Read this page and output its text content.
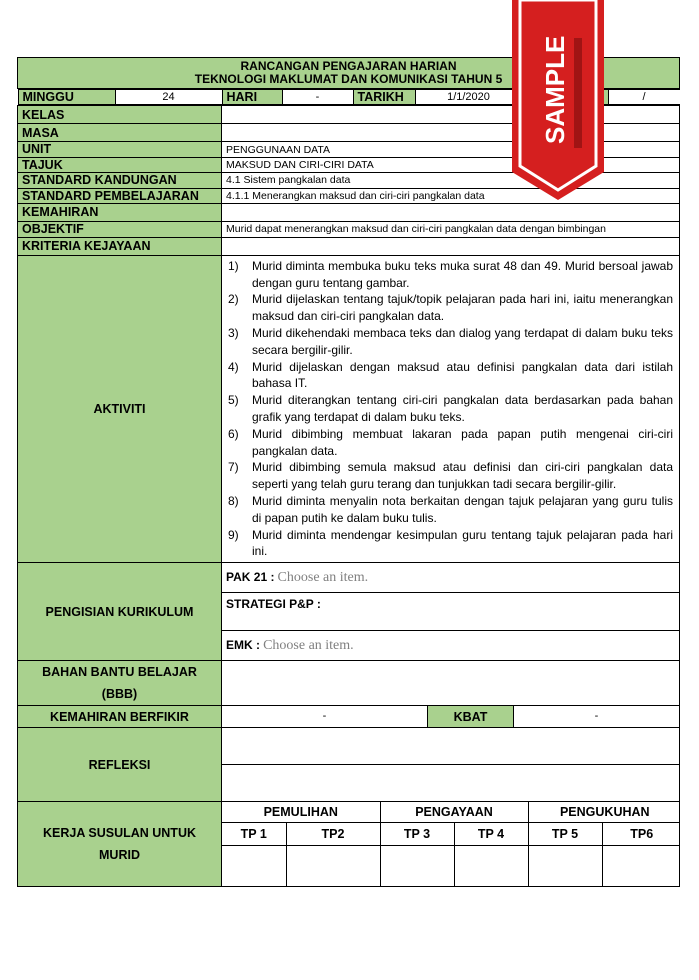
RANCANGAN PENGAJARAN HARIAN
TEKNOLOGI MAKLUMAT DAN KOMUNIKASI TAHUN 5

MINGGU	24	HARI	-	TARIKH	1/1/2020		/

KELAS	
MASA	
UNIT	PENGGUNAAN DATA
TAJUK	MAKSUD DAN CIRI-CIRI DATA
STANDARD KANDUNGAN	4.1 Sistem pangkalan data
STANDARD PEMBELAJARAN	4.1.1 Menerangkan maksud dan ciri-ciri pangkalan data
KEMAHIRAN	
OBJEKTIF	Murid dapat menerangkan maksud dan ciri-ciri pangkalan data dengan bimbingan
KRITERIA KEJAYAAN	
AKTIVITI	
1)	Murid diminta membuka buku teks muka surat 48 dan 49. Murid bersoal jawab dengan guru tentang gambar.
2)	Murid dijelaskan tentang tajuk/topik pelajaran pada hari ini, iaitu menerangkan maksud dan ciri-ciri pangkalan data.
3)	Murid dikehendaki membaca teks dan dialog yang terdapat di dalam buku teks secara bergilir-gilir.
4)	Murid dijelaskan dengan maksud atau definisi pangkalan data dari istilah bahasa IT.
5)	Murid diterangkan tentang ciri-ciri pangkalan data berdasarkan pada bahan grafik yang terdapat di dalam buku teks.
6)	Murid dibimbing membuat lakaran pada papan putih mengenai ciri-ciri pangkalan data.
7)	Murid dibimbing semula maksud atau definisi dan ciri-ciri pangkalan data seperti yang telah guru terang dan tunjukkan tadi secara bergilir-gilir.
8)	Murid diminta menyalin nota berkaitan dengan tajuk pelajaran yang guru tulis di papan putih ke dalam buku tulis.
9)	Murid diminta mendengar kesimpulan guru tentang tajuk pelajaran pada hari ini.

PENGISIAN KURIKULUM	PAK 21 : Choose an item.
STRATEGI P&P :
EMK : Choose an item.

BAHAN BANTU BELAJAR
(BBB)

KEMAHIRAN BERFIKIR	-	KBAT	-
REFLEKSI	

KERJA SUSULAN UNTUK
MURID

PEMULIHAN	PENGAYAAN	PENGUKUHAN
TP 1	TP2	TP 3	TP 4	TP 5	TP6

SAMPLE
